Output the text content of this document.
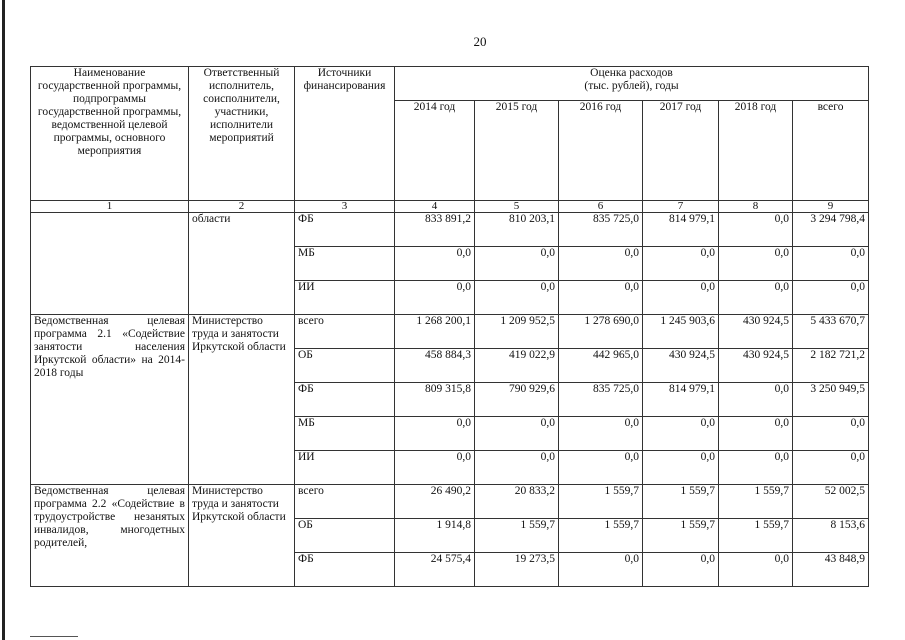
20
Наименование государственной программы, подпрограммы государственной программы, ведомственной целевой программы, основного мероприятия	Ответственный исполнитель, соисполнители, участники, исполнители мероприятий	Источники финансирования	Оценка расходов
(тыс. рублей), годы					

			2014 год	2015 год	2016 год	2017 год	2018 год	всего
1	2	3	4	5	6	7	8	9
	области	ФБ	833 891,2	810 203,1	835 725,0	814 979,1	0,0	3 294 798,4
		МБ	0,0	0,0	0,0	0,0	0,0	0,0
		ИИ	0,0	0,0	0,0	0,0	0,0	0,0
Ведомственная целевая программа 2.1 «Содействие занятости населения Иркутской области» на 2014-2018 годы	Министерство труда и занятости Иркутской области	всего	1 268 200,1	1 209 952,5	1 278 690,0	1 245 903,6	430 924,5	5 433 670,7
		ОБ	458 884,3	419 022,9	442 965,0	430 924,5	430 924,5	2 182 721,2
		ФБ	809 315,8	790 929,6	835 725,0	814 979,1	0,0	3 250 949,5
		МБ	0,0	0,0	0,0	0,0	0,0	0,0
		ИИ	0,0	0,0	0,0	0,0	0,0	0,0
Ведомственная целевая программа 2.2 «Содействие в трудоустройстве незанятых инвалидов, многодетных родителей,	Министерство труда и занятости Иркутской области	всего	26 490,2	20 833,2	1 559,7	1 559,7	1 559,7	52 002,5
		ОБ	1 914,8	1 559,7	1 559,7	1 559,7	1 559,7	8 153,6
		ФБ	24 575,4	19 273,5	0,0	0,0	0,0	43 848,9
